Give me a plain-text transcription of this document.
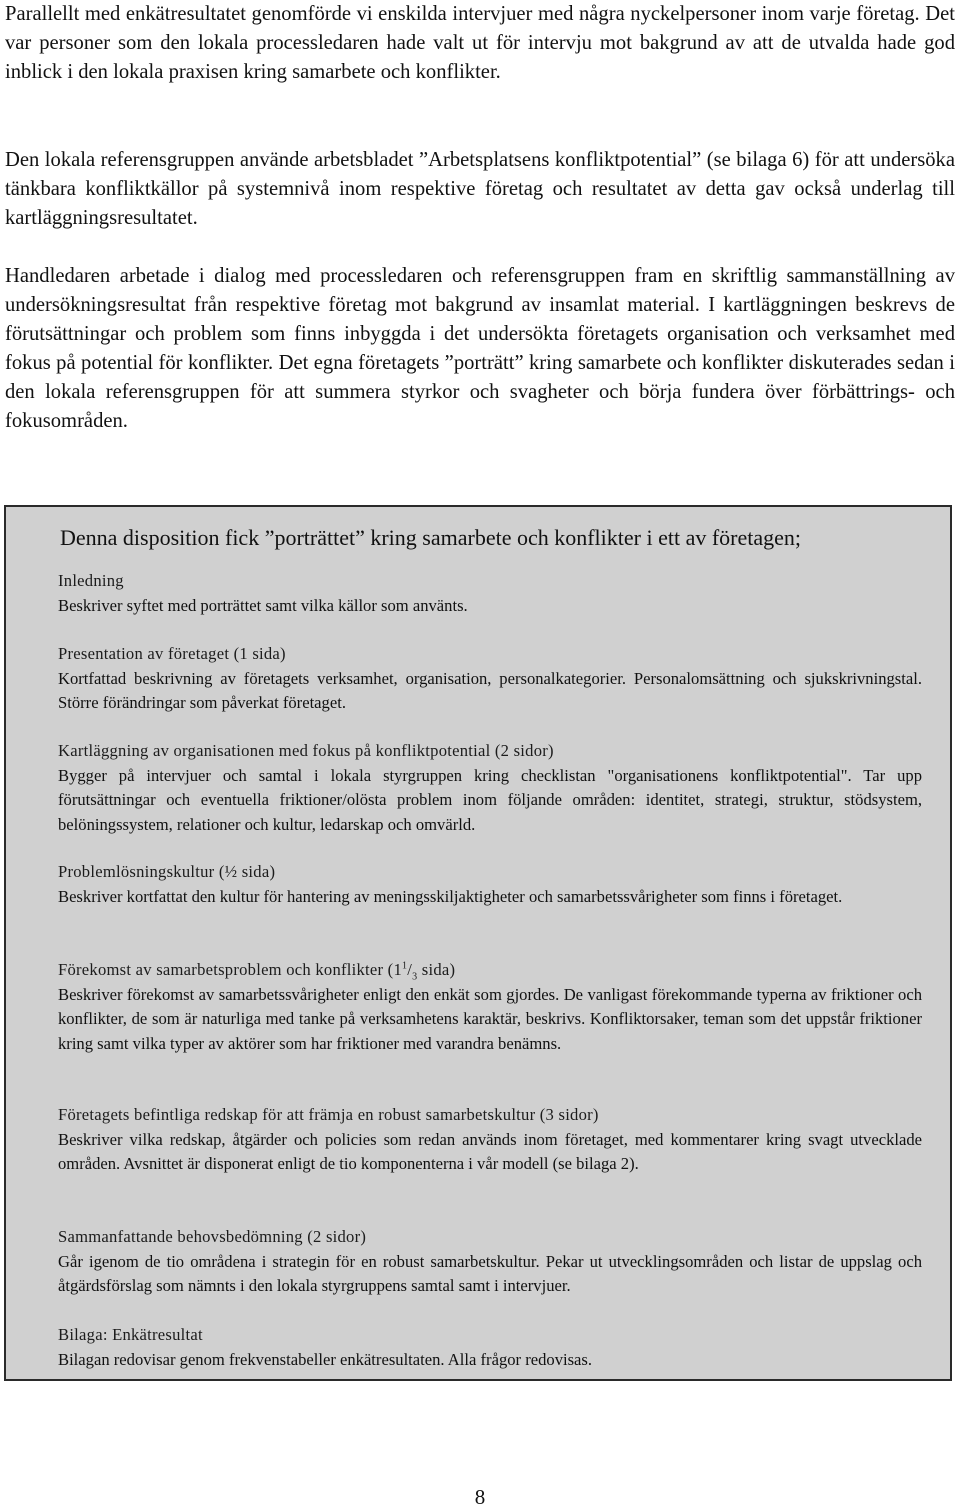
Parallellt med enkätresultatet genomförde vi enskilda intervjuer med några nyckelpersoner inom varje företag. Det var personer som den lokala processledaren hade valt ut för intervju mot bakgrund av att de utvalda hade god inblick i den lokala praxisen kring samarbete och konflikter.

Den lokala referensgruppen använde arbetsbladet ”Arbetsplatsens konfliktpotential” (se bilaga 6) för att undersöka tänkbara konfliktkällor på systemnivå inom respektive företag och resultatet av detta gav också underlag till kartläggningsresultatet.

Handledaren arbetade i dialog med processledaren och referensgruppen fram en skriftlig sammanställning av undersökningsresultat från respektive företag mot bakgrund av insamlat material. I kartläggningen beskrevs de förutsättningar och problem som finns inbyggda i det undersökta företagets organisation och verksamhet med fokus på potential för konflikter. Det egna företagets ”porträtt” kring samarbete och konflikter diskuterades sedan i den lokala referensgruppen för att summera styrkor och svagheter och börja fundera över förbättrings- och fokusområden.

Denna disposition fick ”porträttet” kring samarbete och konflikter i ett av företagen;

Inledning
Beskriver syftet med porträttet samt vilka källor som använts.
Presentation av företaget (1 sida)
Kortfattad beskrivning av företagets verksamhet, organisation, personalkategorier. Personalomsättning och sjukskrivningstal. Större förändringar som påverkat företaget.
Kartläggning av organisationen med fokus på konfliktpotential (2 sidor)
Bygger på intervjuer och samtal i lokala styrgruppen kring checklistan "organisationens konfliktpotential". Tar upp förutsättningar och eventuella friktioner/olösta problem inom följande områden: identitet, strategi, struktur, stödsystem, belöningssystem, relationer och kultur, ledarskap och omvärld.
Problemlösningskultur (½ sida)
Beskriver kortfattat den kultur för hantering av meningsskiljaktigheter och samarbetssvårigheter som finns i företaget.
Förekomst av samarbetsproblem och konflikter ($1^1/_3$ sida)
Beskriver förekomst av samarbetssvårigheter enligt den enkät som gjordes. De vanligast förekommande typerna av friktioner och konflikter, de som är naturliga med tanke på verksamhetens karaktär, beskrivs. Konfliktorsaker, teman som det uppstår friktioner kring samt vilka typer av aktörer som har friktioner med varandra benämns.
Företagets befintliga redskap för att främja en robust samarbetskultur (3 sidor)
Beskriver vilka redskap, åtgärder och policies som redan används inom företaget, med kommentarer kring svagt utvecklade områden. Avsnittet är disponerat enligt de tio komponenterna i vår modell (se bilaga 2).
Sammanfattande behovsbedömning (2 sidor)
Går igenom de tio områdena i strategin för en robust samarbetskultur. Pekar ut utvecklingsområden och listar de uppslag och åtgärdsförslag som nämnts i den lokala styrgruppens samtal samt i intervjuer.
Bilaga: Enkätresultat
Bilagan redovisar genom frekvenstabeller enkätresultaten. Alla frågor redovisas.
8
